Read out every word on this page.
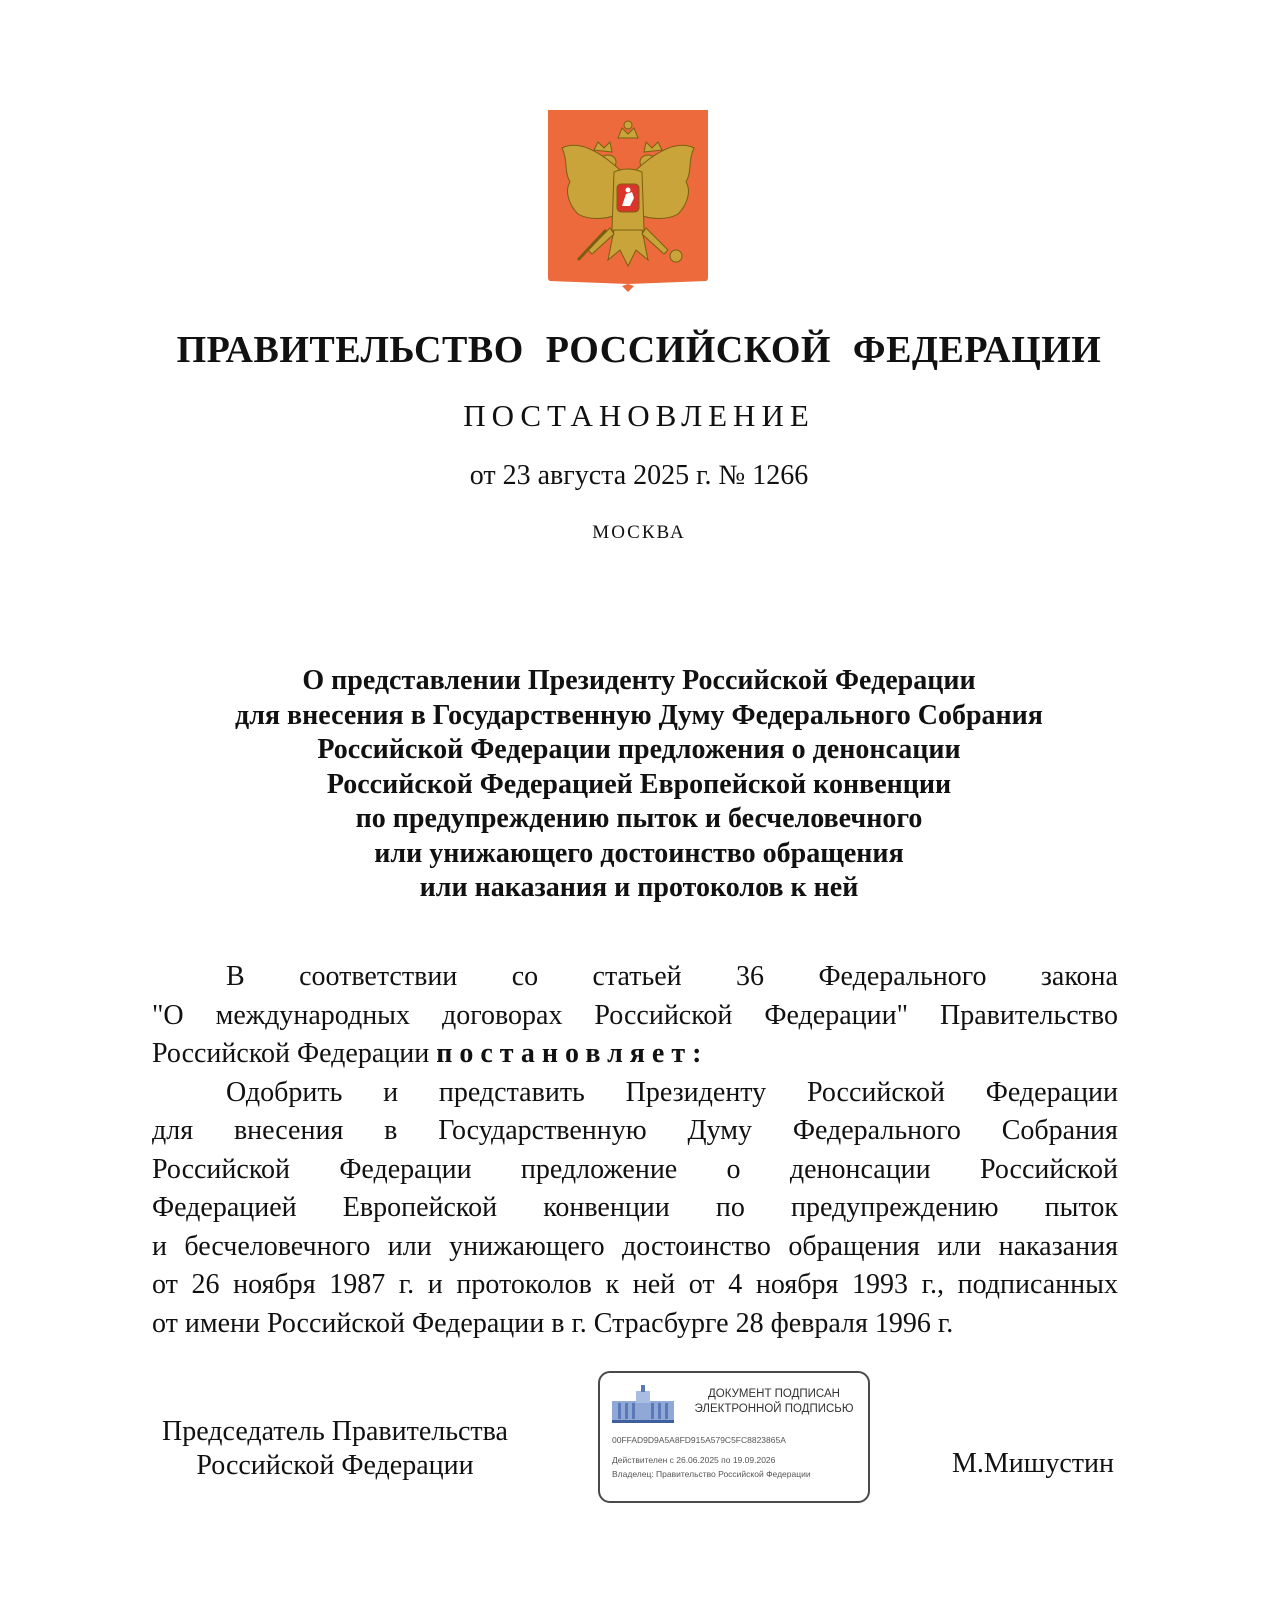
ПРАВИТЕЛЬСТВО РОССИЙСКОЙ ФЕДЕРАЦИИ
ПОСТАНОВЛЕНИЕ
от 23 августа 2025 г. № 1266
МОСКВА
О представлении Президенту Российской Федерации
для внесения в Государственную Думу Федерального Собрания
Российской Федерации предложения о денонсации
Российской Федерацией Европейской конвенции
по предупреждению пыток и бесчеловечного
или унижающего достоинство обращения
или наказания и протоколов к ней
В соответствии со статьей 36 Федерального закона
"О международных договорах Российской Федерации" Правительство
Российской Федерации постановляет:
Одобрить и представить Президенту Российской Федерации
для внесения в Государственную Думу Федерального Собрания
Российской Федерации предложение о денонсации Российской
Федерацией Европейской конвенции по предупреждению пыток
и бесчеловечного или унижающего достоинство обращения или наказания
от 26 ноября 1987 г. и протоколов к ней от 4 ноября 1993 г., подписанных
от имени Российской Федерации в г. Страсбурге 28 февраля 1996 г.
Председатель Правительства
Российской Федерации
ДОКУМЕНТ ПОДПИСАН
ЭЛЕКТРОННОЙ ПОДПИСЬЮ
00FFAD9D9A5A8FD915A579C5FC8823865A
Действителен с 26.06.2025 по 19.09.2026
Владелец: Правительство Российской Федерации	М.Мишустин
